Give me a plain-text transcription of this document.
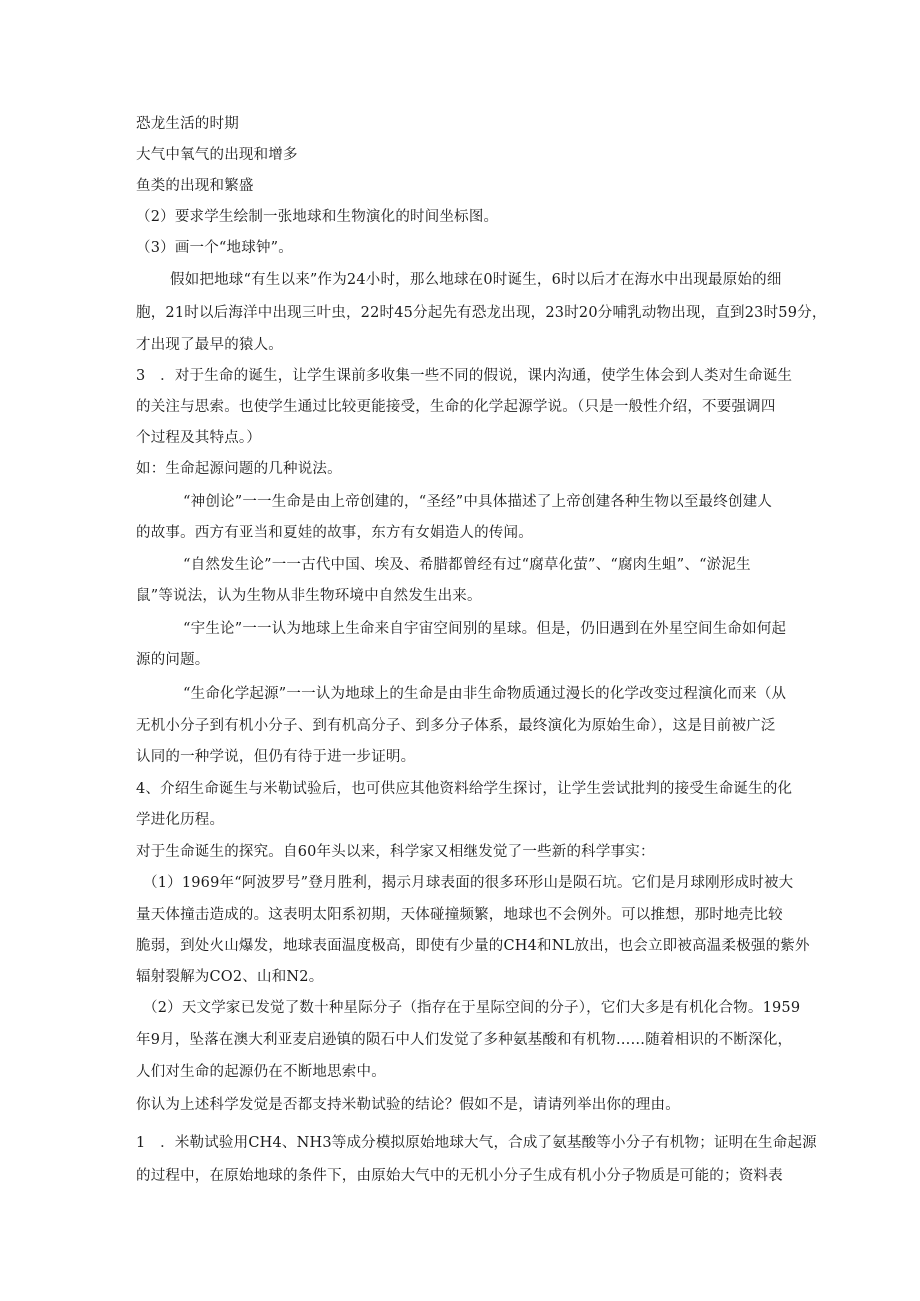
恐龙生活的时期
大气中氧气的出现和增多
鱼类的出现和繁盛
（2）要求学生绘制一张地球和生物演化的时间坐标图。
（3）画一个“地球钟”。
假如把地球“有生以来”作为24小时，那么地球在0时诞生，6时以后才在海水中出现最原始的细
胞，21时以后海洋中出现三叶虫，22时45分起先有恐龙出现，23时20分哺乳动物出现，直到23时59分，
才出现了最早的猿人。
3　．对于生命的诞生，让学生课前多收集一些不同的假说，课内沟通，使学生体会到人类对生命诞生
的关注与思索。也使学生通过比较更能接受，生命的化学起源学说。（只是一般性介绍，不要强调四
个过程及其特点。）
如：生命起源问题的几种说法。
“神创论”一一生命是由上帝创建的，“圣经”中具体描述了上帝创建各种生物以至最终创建人
的故事。西方有亚当和夏娃的故事，东方有女娟造人的传闻。
“自然发生论”一一古代中国、埃及、希腊都曾经有过“腐草化萤”、“腐肉生蛆”、“淤泥生
鼠”等说法，认为生物从非生物环境中自然发生出来。
“宇生论”一一认为地球上生命来自宇宙空间别的星球。但是，仍旧遇到在外星空间生命如何起
源的问题。
“生命化学起源”一一认为地球上的生命是由非生命物质通过漫长的化学改变过程演化而来（从
无机小分子到有机小分子、到有机高分子、到多分子体系，最终演化为原始生命），这是目前被广泛
认同的一种学说，但仍有待于进一步证明。
4、介绍生命诞生与米勒试验后，也可供应其他资料给学生探讨，让学生尝试批判的接受生命诞生的化
学进化历程。
对于生命诞生的探究。自60年头以来，科学家又相继发觉了一些新的科学事实：
（1）1969年“阿波罗号”登月胜利，揭示月球表面的很多环形山是陨石坑。它们是月球刚形成时被大
量天体撞击造成的。这表明太阳系初期，天体碰撞频繁，地球也不会例外。可以推想，那时地壳比较
脆弱，到处火山爆发，地球表面温度极高，即使有少量的CH4和NL放出，也会立即被高温柔极强的紫外
辐射裂解为CO2、山和N2。
（2）天文学家已发觉了数十种星际分子（指存在于星际空间的分子），它们大多是有机化合物。1959
年9月，坠落在澳大利亚麦启逊镇的陨石中人们发觉了多种氨基酸和有机物……随着相识的不断深化，
人们对生命的起源仍在不断地思索中。
你认为上述科学发觉是否都支持米勒试验的结论？假如不是，请请列举出你的理由。
1　．米勒试验用CH4、NH3等成分模拟原始地球大气，合成了氨基酸等小分子有机物；证明在生命起源
的过程中，在原始地球的条件下，由原始大气中的无机小分子生成有机小分子物质是可能的；资料表
